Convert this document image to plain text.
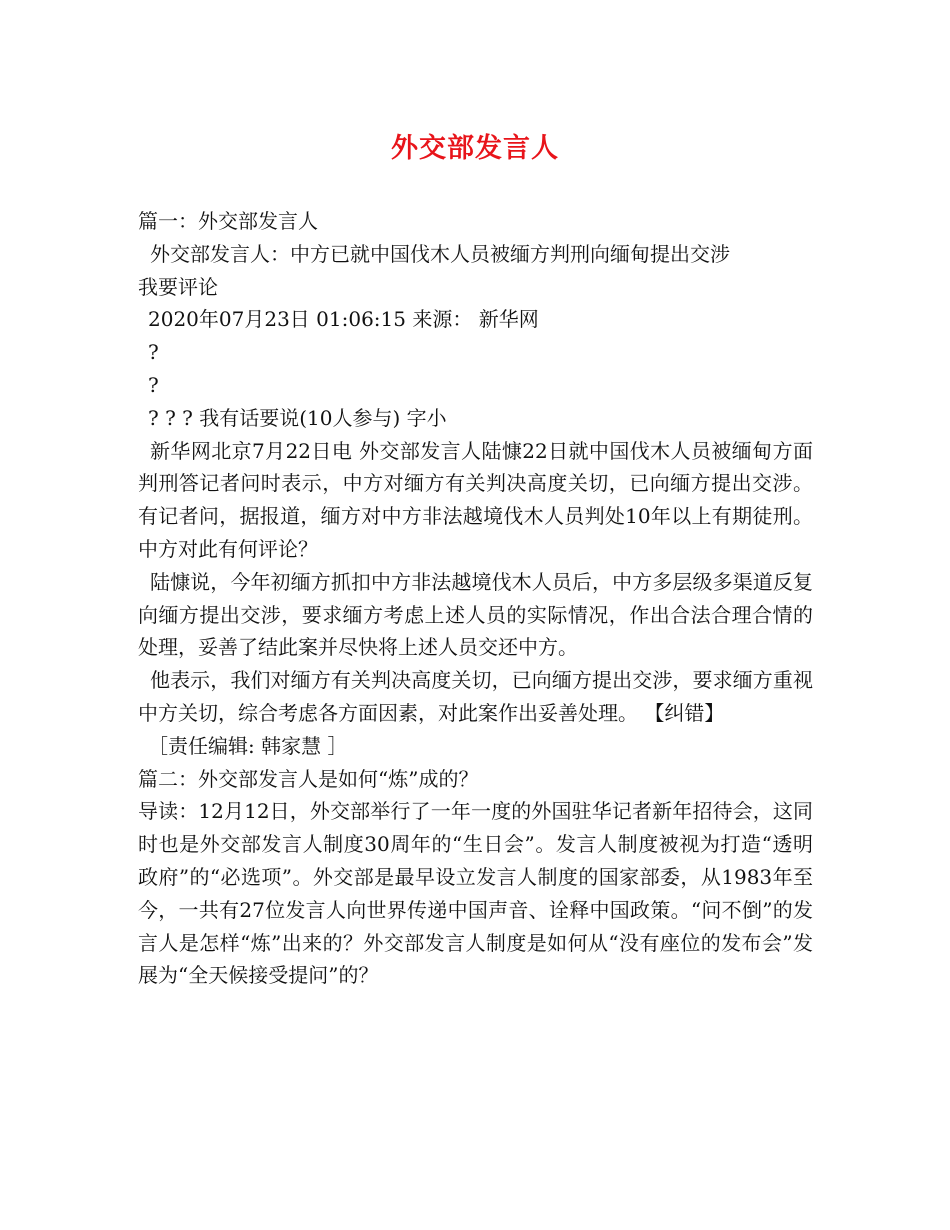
外交部发言人
篇一：外交部发言人
外交部发言人：中方已就中国伐木人员被缅方判刑向缅甸提出交涉
我要评论
2020年07月23日 01:06:15 来源： 新华网
?
?
? ? ? 我有话要说(10人参与) 字小
新华网北京7月22日电 外交部发言人陆慷22日就中国伐木人员被缅甸方面判刑答记者问时表示，中方对缅方有关判决高度关切，已向缅方提出交涉。有记者问，据报道，缅方对中方非法越境伐木人员判处10年以上有期徒刑。中方对此有何评论？
陆慷说，今年初缅方抓扣中方非法越境伐木人员后，中方多层级多渠道反复向缅方提出交涉，要求缅方考虑上述人员的实际情况，作出合法合理合情的处理，妥善了结此案并尽快将上述人员交还中方。
他表示，我们对缅方有关判决高度关切，已向缅方提出交涉，要求缅方重视中方关切，综合考虑各方面因素，对此案作出妥善处理。 【纠错】
［责任编辑: 韩家慧 ］
篇二：外交部发言人是如何“炼”成的？
导读：12月12日，外交部举行了一年一度的外国驻华记者新年招待会，这同时也是外交部发言人制度30周年的“生日会”。发言人制度被视为打造“透明政府”的“必选项”。外交部是最早设立发言人制度的国家部委，从1983年至今，一共有27位发言人向世界传递中国声音、诠释中国政策。“问不倒”的发言人是怎样“炼”出来的？外交部发言人制度是如何从“没有座位的发布会”发展为“全天候接受提问”的？
